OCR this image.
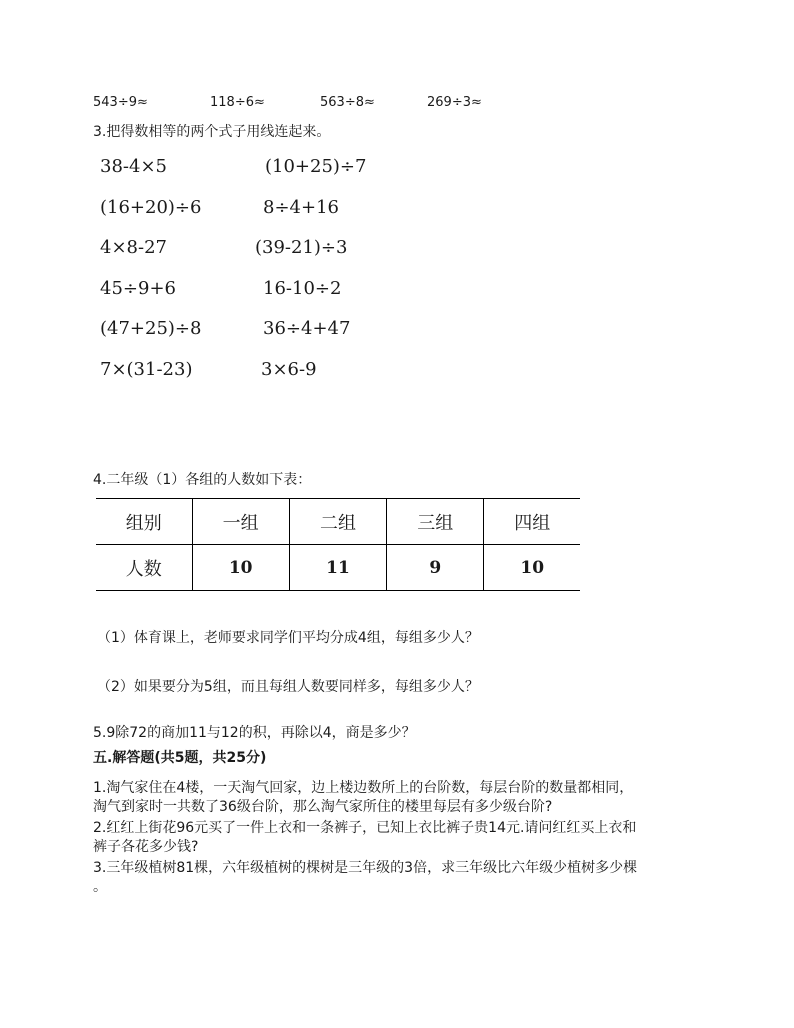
543÷9≈	118÷6≈	563÷8≈	269÷3≈
3.把得数相等的两个式子用线连起来。
38-4×5
(16+20)÷6
4×8-27
45÷9+6
(47+25)÷8
7×(31-23)
(10+25)÷7
8÷4+16
(39-21)÷3
16-10÷2
36÷4+47
3×6-9
4.二年级（1）各组的人数如下表：
组别	一组	二组	三组	四组
人数	10	11	9	10
（1）体育课上，老师要求同学们平均分成4组，每组多少人？
（2）如果要分为5组，而且每组人数要同样多，每组多少人？
5.9除72的商加11与12的积，再除以4，商是多少？
五.解答题(共5题，共25分)
1.淘气家住在4楼，一天淘气回家，边上楼边数所上的台阶数，每层台阶的数量都相同，
淘气到家时一共数了36级台阶，那么淘气家所住的楼里每层有多少级台阶?
2.红红上街花96元买了一件上衣和一条裤子，已知上衣比裤子贵14元.请问红红买上衣和
裤子各花多少钱?
3.三年级植树81棵，六年级植树的棵树是三年级的3倍，求三年级比六年级少植树多少棵
。
